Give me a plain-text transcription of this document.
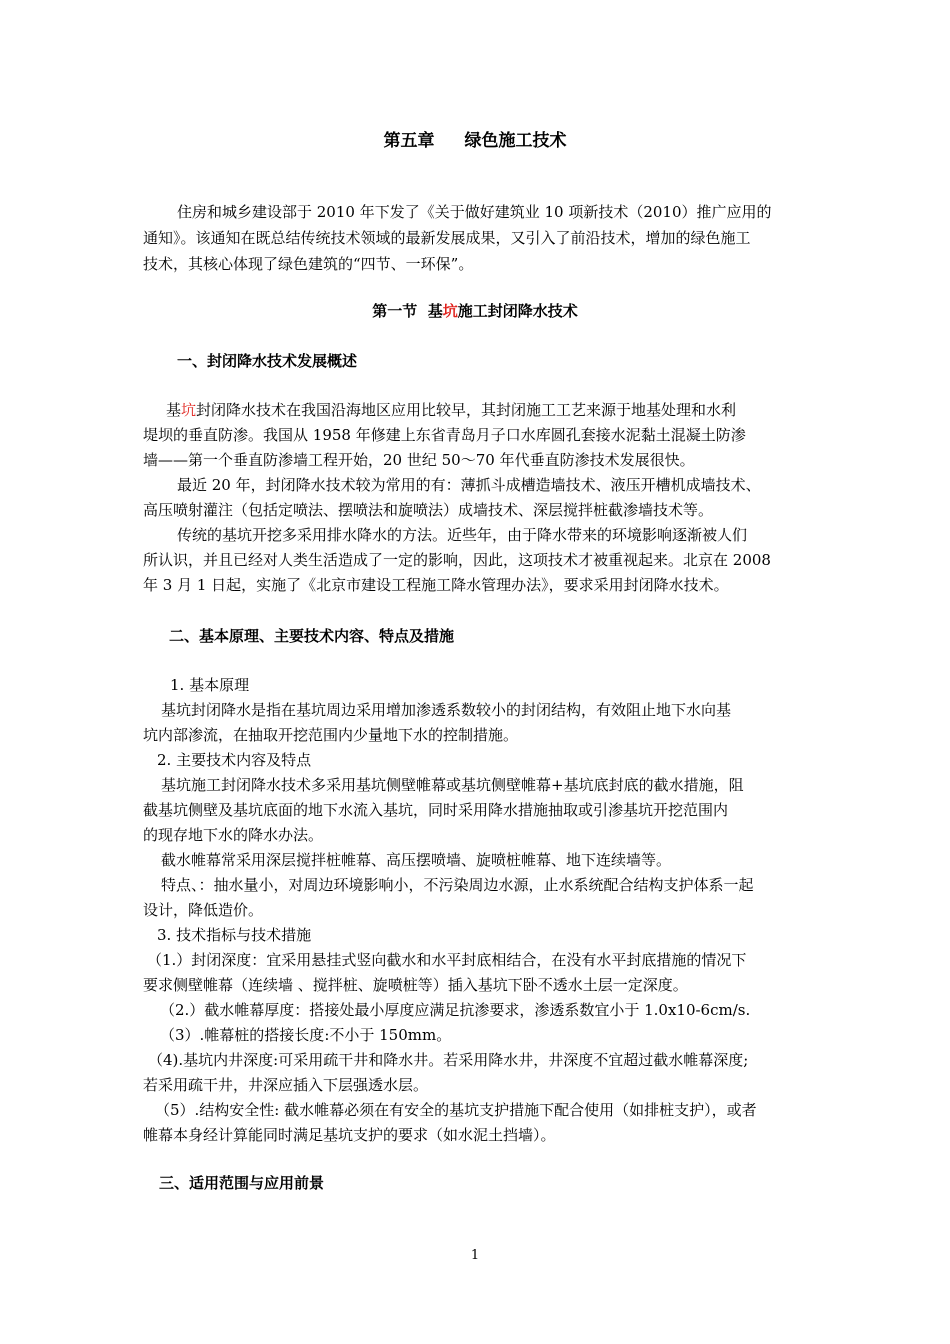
第五章 绿色施工技术
住房和城乡建设部于 2010 年下发了《关于做好建筑业 10 项新技术（2010）推广应用的
通知》。该通知在既总结传统技术领域的最新发展成果，又引入了前沿技术，增加的绿色施工
技术，其核心体现了绿色建筑的“四节、一环保”。
第一节 基坑施工封闭降水技术
一、封闭降水技术发展概述
基坑封闭降水技术在我国沿海地区应用比较早，其封闭施工工艺来源于地基处理和水利
堤坝的垂直防渗。我国从 1958 年修建上东省青岛月子口水库圆孔套接水泥黏土混凝土防渗
墙——第一个垂直防渗墙工程开始，20 世纪 50～70 年代垂直防渗技术发展很快。
最近 20 年，封闭降水技术较为常用的有：薄抓斗成槽造墙技术、液压开槽机成墙技术、
高压喷射灌注（包括定喷法、摆喷法和旋喷法）成墙技术、深层搅拌桩截渗墙技术等。
传统的基坑开挖多采用排水降水的方法。近些年，由于降水带来的环境影响逐渐被人们
所认识，并且已经对人类生活造成了一定的影响，因此，这项技术才被重视起来。北京在 2008
年 3 月 1 日起，实施了《北京市建设工程施工降水管理办法》，要求采用封闭降水技术。
二、基本原理、主要技术内容、特点及措施
1. 基本原理
基坑封闭降水是指在基坑周边采用增加渗透系数较小的封闭结构，有效阻止地下水向基
坑内部渗流，在抽取开挖范围内少量地下水的控制措施。
2. 主要技术内容及特点
基坑施工封闭降水技术多采用基坑侧壁帷幕或基坑侧壁帷幕+基坑底封底的截水措施，阻
截基坑侧壁及基坑底面的地下水流入基坑，同时采用降水措施抽取或引渗基坑开挖范围内
的现存地下水的降水办法。
截水帷幕常采用深层搅拌桩帷幕、高压摆喷墙、旋喷桩帷幕、地下连续墙等。
特点、：抽水量小，对周边环境影响小，不污染周边水源，止水系统配合结构支护体系一起
设计，降低造价。
3. 技术指标与技术措施
（1.）封闭深度：宜采用悬挂式竖向截水和水平封底相结合，在没有水平封底措施的情况下
要求侧壁帷幕（连续墙 、搅拌桩、旋喷桩等）插入基坑下卧不透水土层一定深度。
（2.）截水帷幕厚度：搭接处最小厚度应满足抗渗要求，渗透系数宜小于 1.0x10-6cm/s.
（3）.帷幕桩的搭接长度:不小于 150mm。
（4).基坑内井深度:可采用疏干井和降水井。若采用降水井，井深度不宜超过截水帷幕深度;
若采用疏干井，井深应插入下层强透水层。
（5）.结构安全性: 截水帷幕必须在有安全的基坑支护措施下配合使用（如排桩支护），或者
帷幕本身经计算能同时满足基坑支护的要求（如水泥土挡墙）。
三、适用范围与应用前景
1
